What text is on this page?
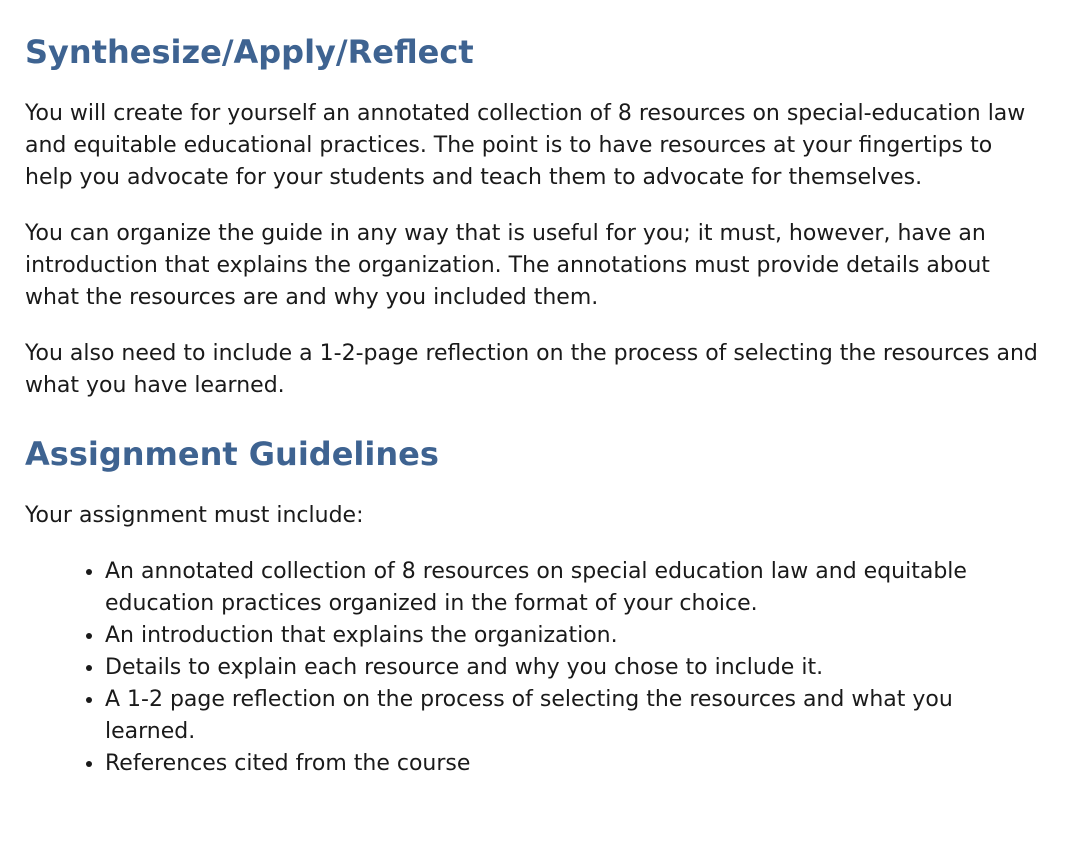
Synthesize/Apply/Reflect

You will create for yourself an annotated collection of 8 resources on special-education law and equitable educational practices. The point is to have resources at your fingertips to help you advocate for your students and teach them to advocate for themselves.

You can organize the guide in any way that is useful for you; it must, however, have an introduction that explains the organization. The annotations must provide details about what the resources are and why you included them.

You also need to include a 1-2-page reflection on the process of selecting the resources and what you have learned.

Assignment Guidelines

Your assignment must include:

• An annotated collection of 8 resources on special education law and equitable education practices organized in the format of your choice.
• An introduction that explains the organization.
• Details to explain each resource and why you chose to include it.
• A 1-2 page reflection on the process of selecting the resources and what you learned.
• References cited from the course
